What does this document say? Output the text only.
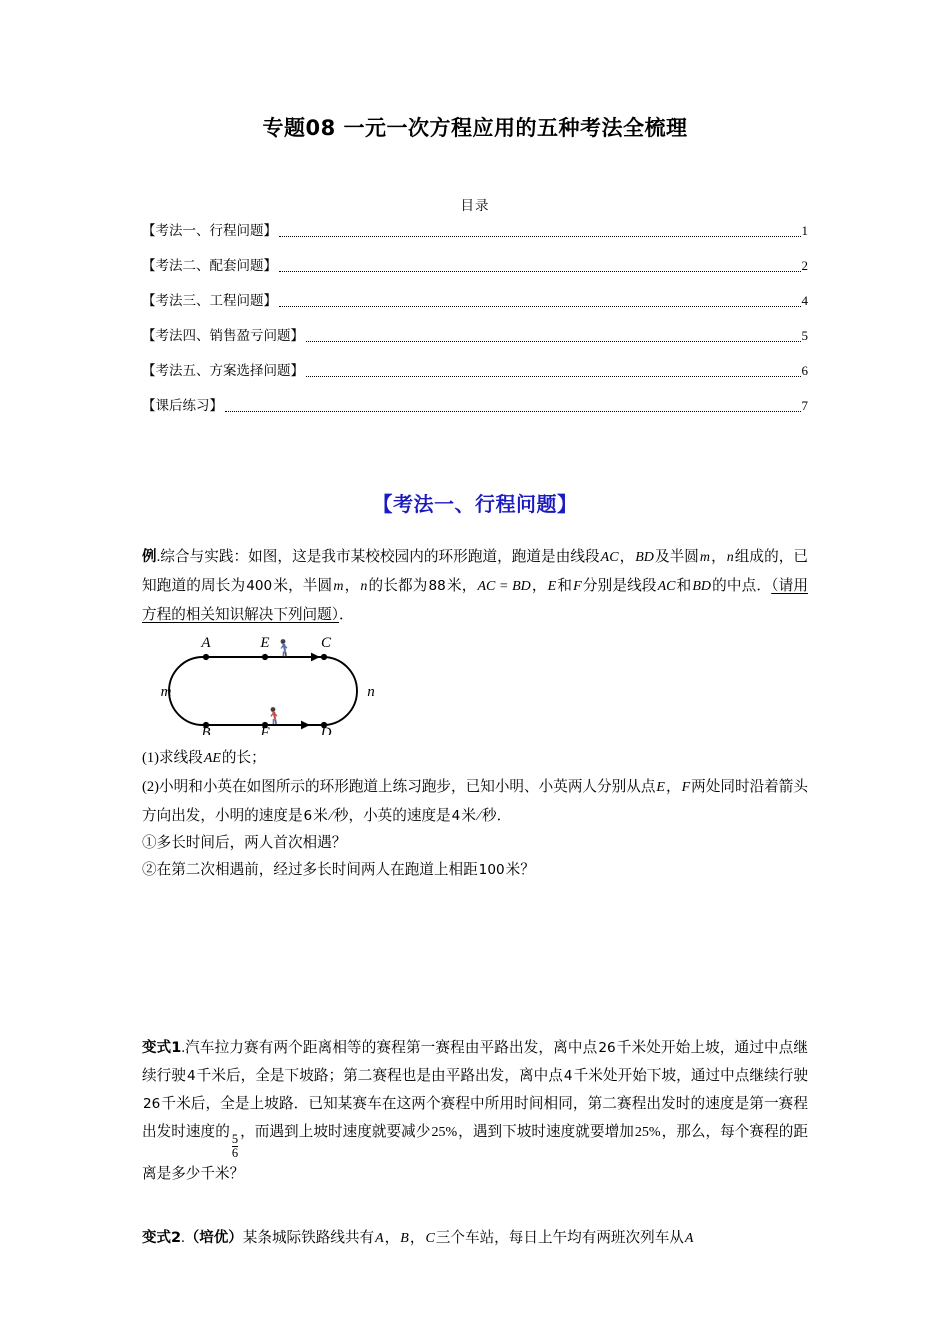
专题08 一元一次方程应用的五种考法全梳理
目录
【考法一、行程问题】	1
【考法二、配套问题】	2
【考法三、工程问题】	4
【考法四、销售盈亏问题】	5
【考法五、方案选择问题】	6
【课后练习】	7
【考法一、行程问题】

例.综合与实践：如图，这是我市某校校园内的环形跑道，跑道是由线段AC，BD及半圆m，n组成的，已知跑道的周长为400米，半圆m，n的长都为88米，AC = BD，E和F分别是线段AC和BD的中点．（请用方程的相关知识解决下列问题）．

A	E	C
B	F	D
m	n

(1)求线段AE的长；

(2)小明和小英在如图所示的环形跑道上练习跑步，已知小明、小英两人分别从点E，F两处同时沿着箭头方向出发，小明的速度是6米/秒，小英的速度是4米/秒．

①多长时间后，两人首次相遇？

②在第二次相遇前，经过多长时间两人在跑道上相距100米？

变式1.汽车拉力赛有两个距离相等的赛程第一赛程由平路出发，离中点26千米处开始上坡，通过中点继续行驶4千米后，全是下坡路；第二赛程也是由平路出发，离中点4千米处开始下坡，通过中点继续行驶26千米后，全是上坡路．已知某赛车在这两个赛程中所用时间相同，第二赛程出发时的速度是第一赛程出发时速度的
$\frac{5}{6}$
，而遇到上坡时速度就要减少25%，遇到下坡时速度就要增加25%，那么，每个赛程的距离是多少千米？

变式2.（培优）某条城际铁路线共有A，B，C三个车站，每日上午均有两班次列车从A
